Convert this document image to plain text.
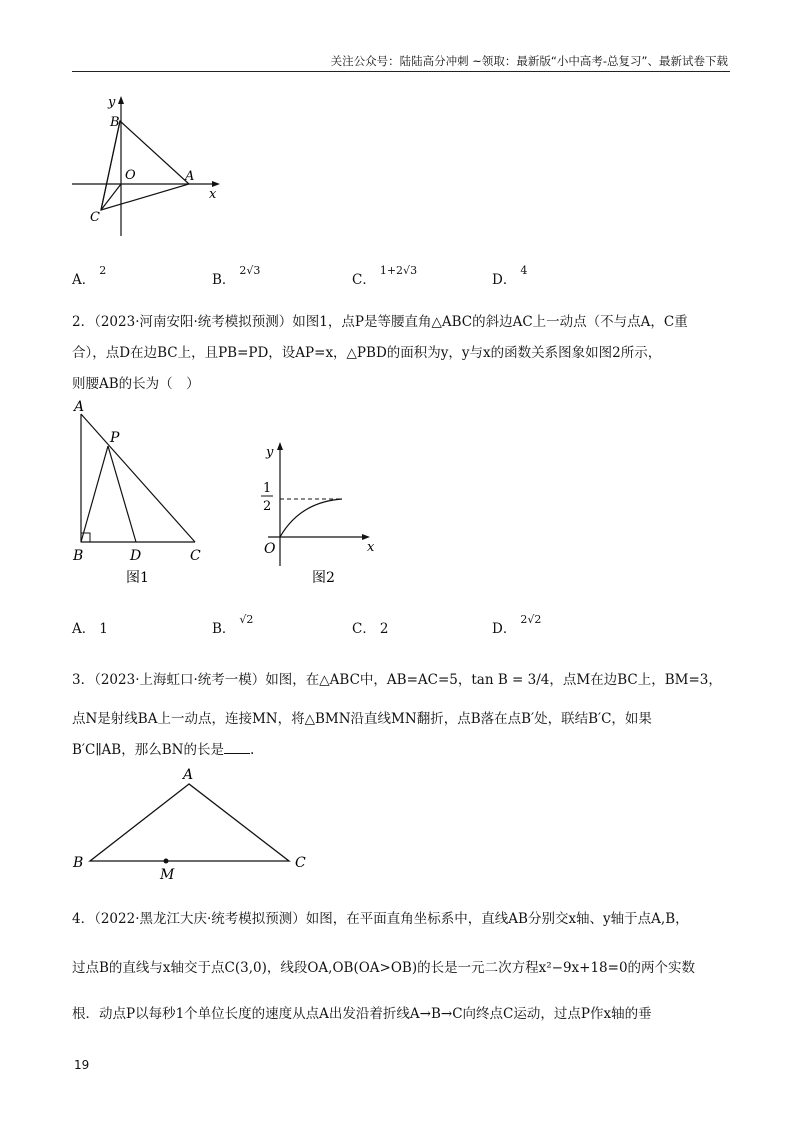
关注公众号：陆陆高分冲刺 ~领取：最新版“小中高考-总复习”、最新试卷下载
y
x
B
O	A
C
A．$^2$
B．$^{2√3}$
C．$^{1+2√3}$
D．$^4$
2．（2023·河南安阳·统考模拟预测）如图1，点P是等腰直角△ABC的斜边AC上一动点（不与点A，C重
合），点D在边BC上，且PB=PD，设AP=x，△PBD的面积为y，y与x的函数关系图象如图2所示，
则腰AB的长为（　）
A
P
B	D	C
图1
y
1
2
O	x
图2
A． 1	B．$^{√2}$
C． 2	D．$^{2√2}$
3．（2023·上海虹口·统考一模）如图，在△ABC中，AB=AC=5，tan B = 3/4，点M在边BC上，BM=3，
点N是射线BA上一动点，连接MN，将△BMN沿直线MN翻折，点B落在点B′处，联结B′C，如果
B′C∥AB，那么BN的长是 .
A
B
M
C
4．（2022·黑龙江大庆·统考模拟预测）如图，在平面直角坐标系中，直线AB分别交x轴、y轴于点A,B，
过点B的直线与x轴交于点C(3,0)，线段OA,OB(OA>OB)的长是一元二次方程x²−9x+18=0的两个实数
根．动点P以每秒1个单位长度的速度从点A出发沿着折线A→B→C向终点C运动，过点P作x轴的垂
19
